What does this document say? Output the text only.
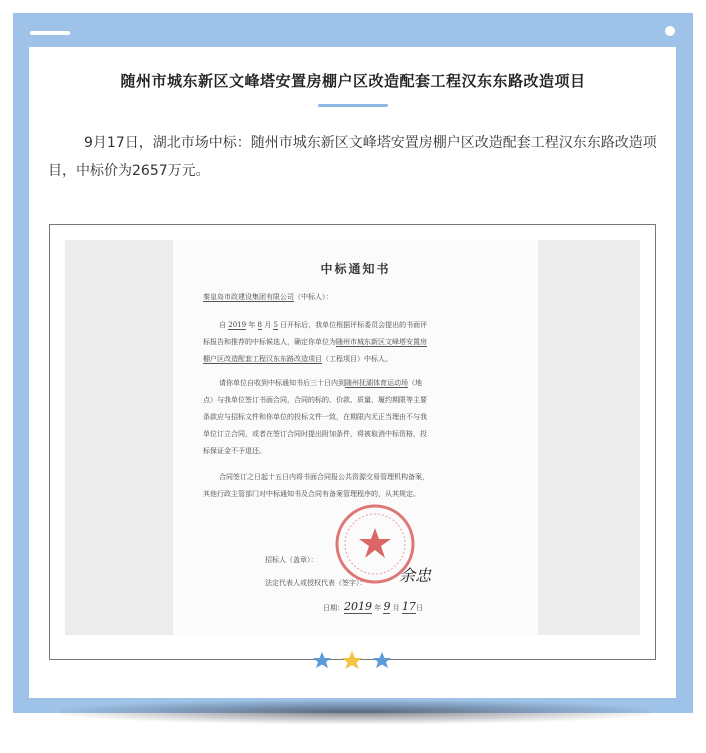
随州市城东新区文峰塔安置房棚户区改造配套工程汉东东路改造项目
9月17日，湖北市场中标：随州市城东新区文峰塔安置房棚户区改造配套工程汉东东路改造项目，中标价为2657万元。
中标通知书
秦皇岛市政建设集团有限公司（中标人）：
自 2019 年 8 月 5 日开标后，我单位根据评标委员会提出的书面评
标报告和推荐的中标候选人，确定你单位为随州市城东新区文峰塔安置房
棚户区改造配套工程汉东东路改造项目（工程项目）中标人。
请你单位自收到中标通知书后三十日内到随州抚湖体育运动场（地
点）与我单位签订书面合同，合同的标的、价款、质量、履约期限等主要
条款应与招标文件和你单位的投标文件一致，在期限内无正当理由不与我
单位订立合同，或者在签订合同时提出附加条件，将被取消中标资格，投
标保证金不予退还。
合同签订之日起十五日内将书面合同报公共资源交易管理机构备案，
其他行政主管部门对中标通知书及合同有备案管理程序的，从其规定。
招标人（盖章）：
法定代表人或授权代表（签字）：	余忠
日期：2019 年 9 月 17日
